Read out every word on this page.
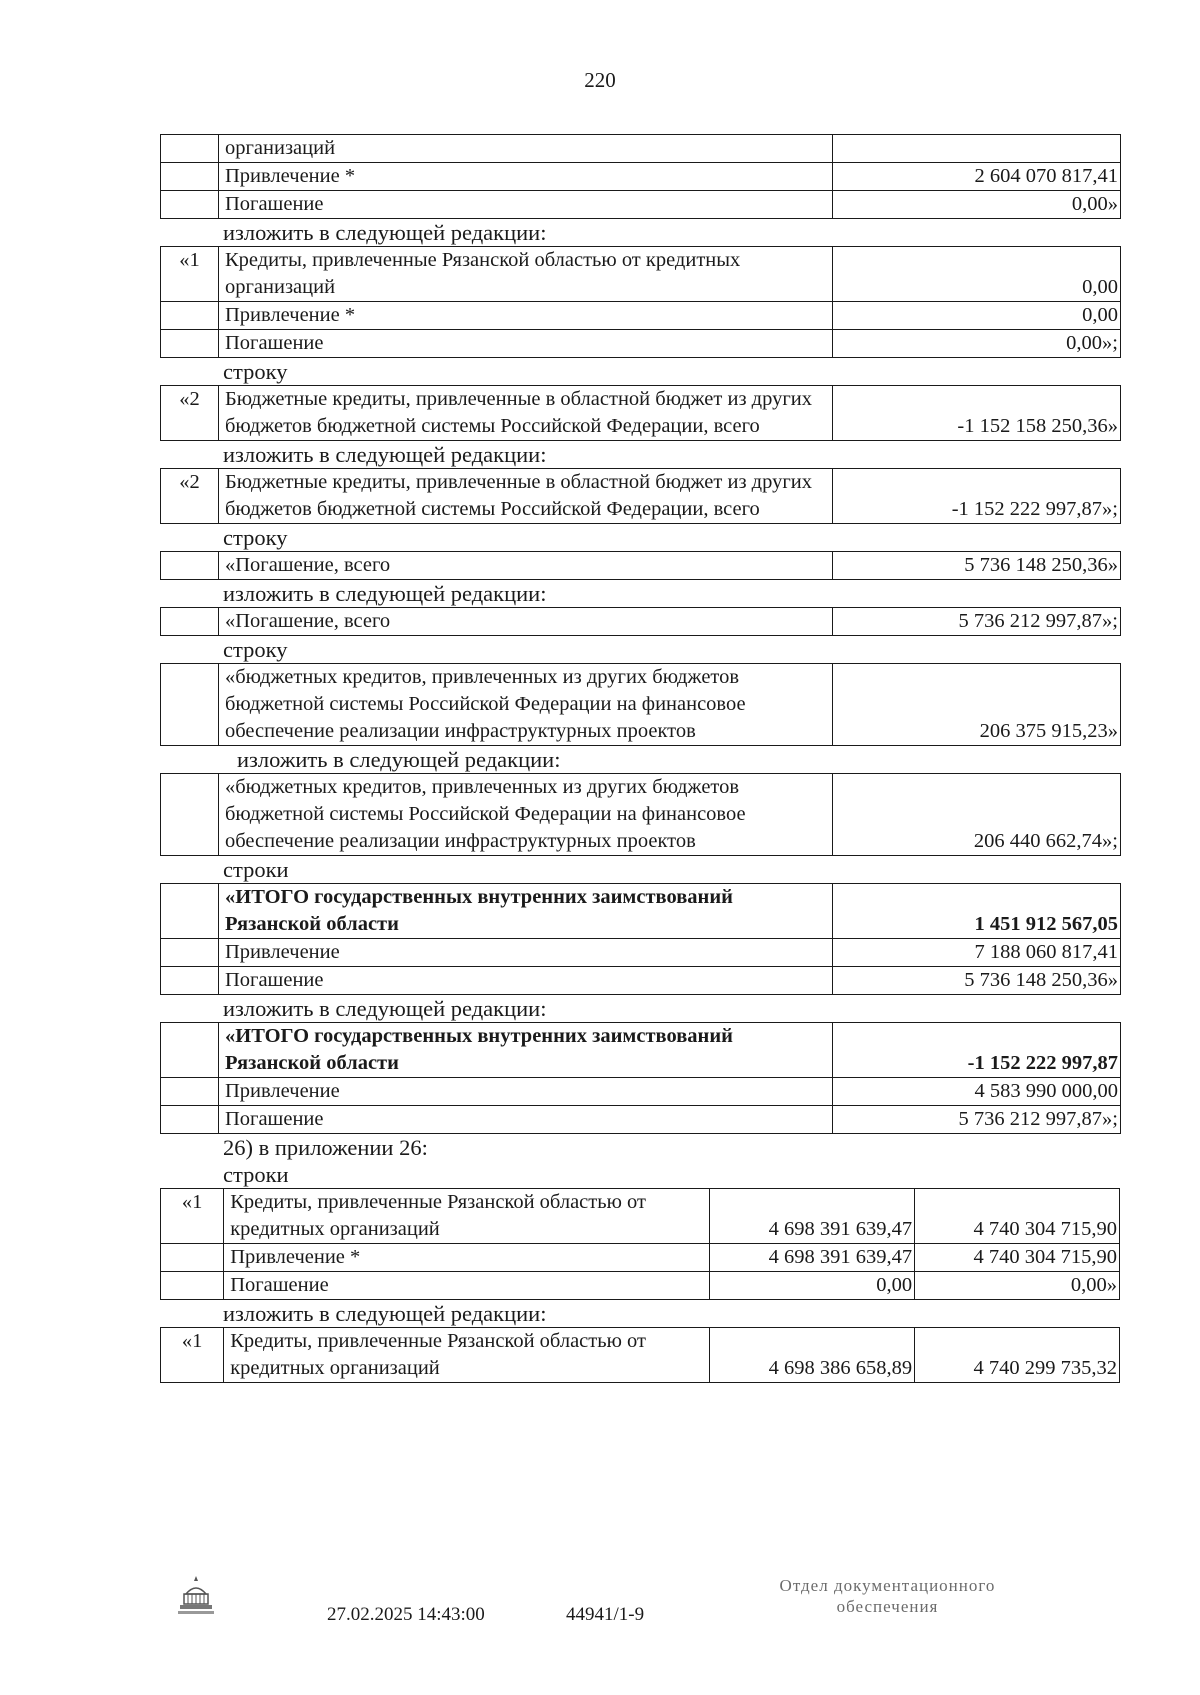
220
	организаций	
	Привлечение *	2 604 070 817,41
	Погашение	0,00»
изложить в следующей редакции:
«1	Кредиты, привлеченные Рязанской областью от кредитных организаций	0,00
	Привлечение *	0,00
	Погашение	0,00»;
строку
«2	Бюджетные кредиты, привлеченные в областной бюджет из других бюджетов бюджетной системы Российской Федерации, всего	-1 152 158 250,36»
изложить в следующей редакции:
«2	Бюджетные кредиты, привлеченные в областной бюджет из других бюджетов бюджетной системы Российской Федерации, всего	-1 152 222 997,87»;
строку
	«Погашение, всего	5 736 148 250,36»
изложить в следующей редакции:
	«Погашение, всего	5 736 212 997,87»;
строку
	«бюджетных кредитов, привлеченных из других бюджетов бюджетной системы Российской Федерации на финансовое обеспечение реализации инфраструктурных проектов	206 375 915,23»
изложить в следующей редакции:
	«бюджетных кредитов, привлеченных из других бюджетов бюджетной системы Российской Федерации на финансовое обеспечение реализации инфраструктурных проектов	206 440 662,74»;
строки
	«ИТОГО государственных внутренних заимствований Рязанской области	1 451 912 567,05
	Привлечение	7 188 060 817,41
	Погашение	5 736 148 250,36»
изложить в следующей редакции:
	«ИТОГО государственных внутренних заимствований Рязанской области	-1 152 222 997,87
	Привлечение	4 583 990 000,00
	Погашение	5 736 212 997,87»;
26) в приложении 26:
строки
«1	Кредиты, привлеченные Рязанской областью от кредитных организаций	4 698 391 639,47	4 740 304 715,90
	Привлечение *	4 698 391 639,47	4 740 304 715,90
	Погашение	0,00	0,00»
изложить в следующей редакции:
«1	Кредиты, привлеченные Рязанской областью от кредитных организаций	4 698 386 658,89	4 740 299 735,32
Отдел документационного обеспечения
27.02.2025 14:43:00	44941/1-9
